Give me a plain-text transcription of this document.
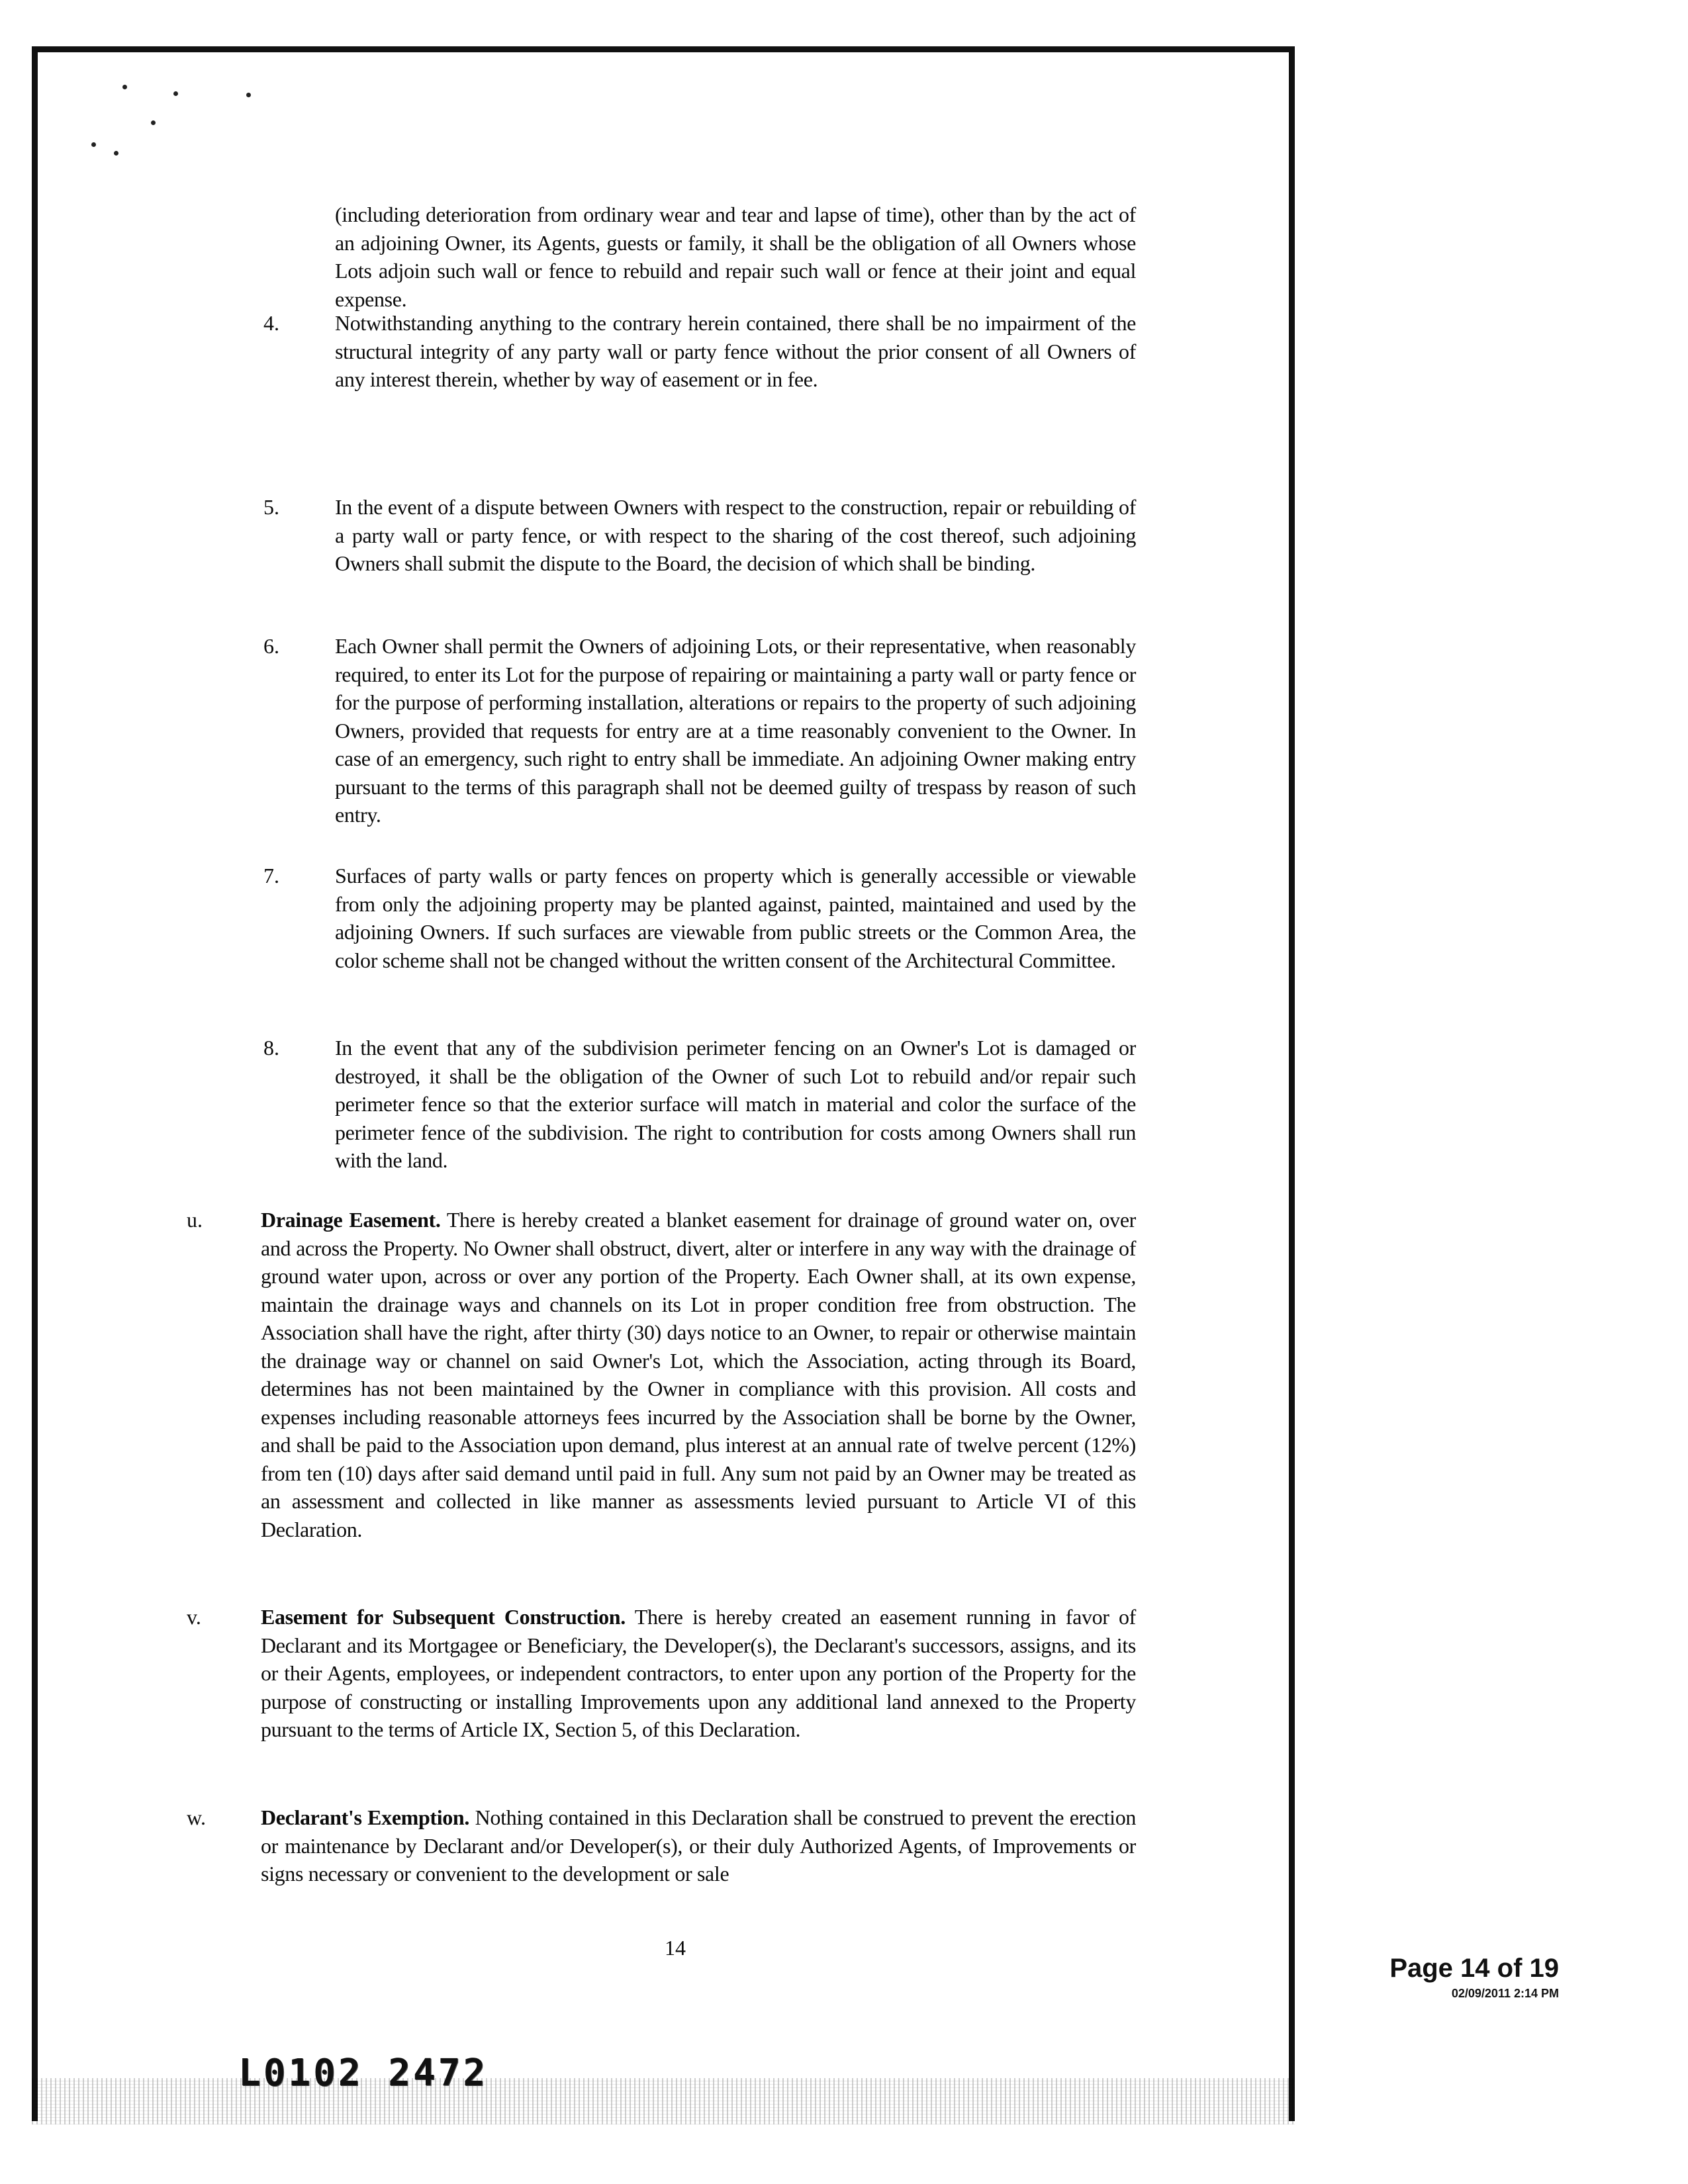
(including deterioration from ordinary wear and tear and lapse of time), other than by the act of an adjoining Owner, its Agents, guests or family, it shall be the obligation of all Owners whose Lots adjoin such wall or fence to rebuild and repair such wall or fence at their joint and equal expense.
4.	Notwithstanding anything to the contrary herein contained, there shall be no impairment of the structural integrity of any party wall or party fence without the prior consent of all Owners of any interest therein, whether by way of easement or in fee.
5.	In the event of a dispute between Owners with respect to the construction, repair or rebuilding of a party wall or party fence, or with respect to the sharing of the cost thereof, such adjoining Owners shall submit the dispute to the Board, the decision of which shall be binding.
6.	Each Owner shall permit the Owners of adjoining Lots, or their representative, when reasonably required, to enter its Lot for the purpose of repairing or maintaining a party wall or party fence or for the purpose of performing installation, alterations or repairs to the property of such adjoining Owners, provided that requests for entry are at a time reasonably convenient to the Owner. In case of an emergency, such right to entry shall be immediate. An adjoining Owner making entry pursuant to the terms of this paragraph shall not be deemed guilty of trespass by reason of such entry.
7.	Surfaces of party walls or party fences on property which is generally accessible or viewable from only the adjoining property may be planted against, painted, maintained and used by the adjoining Owners. If such surfaces are viewable from public streets or the Common Area, the color scheme shall not be changed without the written consent of the Architectural Committee.
8.	In the event that any of the subdivision perimeter fencing on an Owner's Lot is damaged or destroyed, it shall be the obligation of the Owner of such Lot to rebuild and/or repair such perimeter fence so that the exterior surface will match in material and color the surface of the perimeter fence of the subdivision. The right to contribution for costs among Owners shall run with the land.
u.	Drainage Easement. There is hereby created a blanket easement for drainage of ground water on, over and across the Property. No Owner shall obstruct, divert, alter or interfere in any way with the drainage of ground water upon, across or over any portion of the Property. Each Owner shall, at its own expense, maintain the drainage ways and channels on its Lot in proper condition free from obstruction. The Association shall have the right, after thirty (30) days notice to an Owner, to repair or otherwise maintain the drainage way or channel on said Owner's Lot, which the Association, acting through its Board, determines has not been maintained by the Owner in compliance with this provision. All costs and expenses including reasonable attorneys fees incurred by the Association shall be borne by the Owner, and shall be paid to the Association upon demand, plus interest at an annual rate of twelve percent (12%) from ten (10) days after said demand until paid in full. Any sum not paid by an Owner may be treated as an assessment and collected in like manner as assessments levied pursuant to Article VI of this Declaration.
v.	Easement for Subsequent Construction. There is hereby created an easement running in favor of Declarant and its Mortgagee or Beneficiary, the Developer(s), the Declarant's successors, assigns, and its or their Agents, employees, or independent contractors, to enter upon any portion of the Property for the purpose of constructing or installing Improvements upon any additional land annexed to the Property pursuant to the terms of Article IX, Section 5, of this Declaration.
w.	Declarant's Exemption. Nothing contained in this Declaration shall be construed to prevent the erection or maintenance by Declarant and/or Developer(s), or their duly Authorized Agents, of Improvements or signs necessary or convenient to the development or sale
14
L0102 2472
Page 14 of 19
02/09/2011 2:14 PM
